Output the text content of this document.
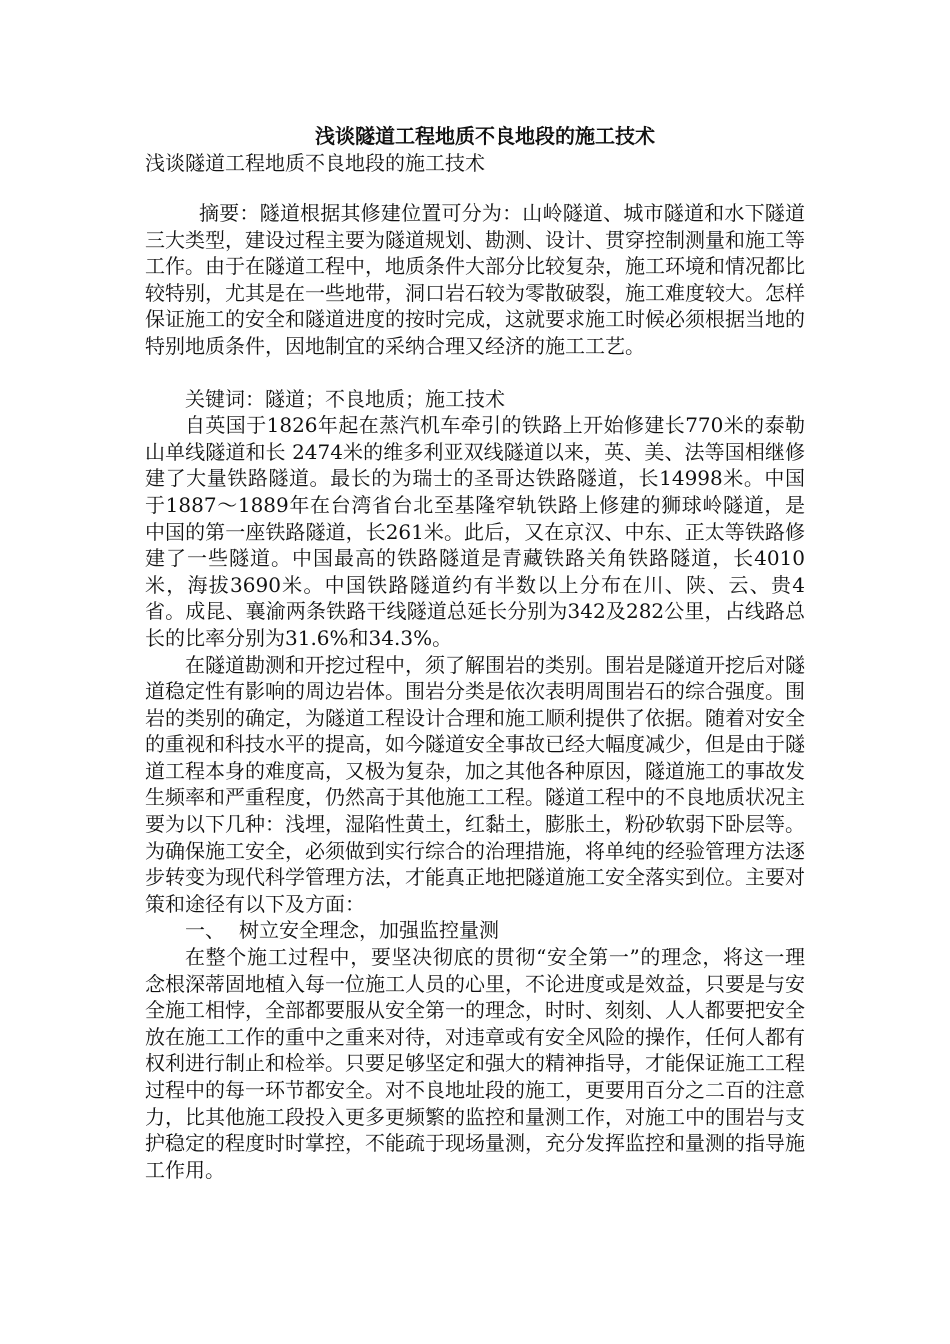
浅谈隧道工程地质不良地段的施工技术

浅谈隧道工程地质不良地段的施工技术

摘要：隧道根据其修建位置可分为：山岭隧道、城市隧道和水下隧道三大类型，建设过程主要为隧道规划、勘测、设计、贯穿控制测量和施工等工作。由于在隧道工程中，地质条件大部分比较复杂，施工环境和情况都比较特别，尤其是在一些地带，洞口岩石较为零散破裂，施工难度较大。怎样保证施工的安全和隧道进度的按时完成，这就要求施工时候必须根据当地的特别地质条件，因地制宜的采纳合理又经济的施工工艺。

关键词：隧道；不良地质；施工技术

自英国于1826年起在蒸汽机车牵引的铁路上开始修建长770米的泰勒山单线隧道和长 2474米的维多利亚双线隧道以来，英、美、法等国相继修建了大量铁路隧道。最长的为瑞士的圣哥达铁路隧道，长14998米。中国于1887～1889年在台湾省台北至基隆窄轨铁路上修建的狮球岭隧道，是中国的第一座铁路隧道，长261米。此后，又在京汉、中东、正太等铁路修建了一些隧道。中国最高的铁路隧道是青藏铁路关角铁路隧道，长4010米，海拔3690米。中国铁路隧道约有半数以上分布在川、陕、云、贵4省。成昆、襄渝两条铁路干线隧道总延长分别为342及282公里，占线路总长的比率分别为31.6%和34.3%。

在隧道勘测和开挖过程中，须了解围岩的类别。围岩是隧道开挖后对隧道稳定性有影响的周边岩体。围岩分类是依次表明周围岩石的综合强度。围岩的类别的确定，为隧道工程设计合理和施工顺利提供了依据。随着对安全的重视和科技水平的提高，如今隧道安全事故已经大幅度减少，但是由于隧道工程本身的难度高，又极为复杂，加之其他各种原因，隧道施工的事故发生频率和严重程度，仍然高于其他施工工程。隧道工程中的不良地质状况主要为以下几种：浅埋，湿陷性黄土，红黏土，膨胀土，粉砂软弱下卧层等。为确保施工安全，必须做到实行综合的治理措施，将单纯的经验管理方法逐步转变为现代科学管理方法，才能真正地把隧道施工安全落实到位。主要对策和途径有以下及方面：

一、 树立安全理念，加强监控量测

在整个施工过程中，要坚决彻底的贯彻“安全第一”的理念，将这一理念根深蒂固地植入每一位施工人员的心里，不论进度或是效益，只要是与安全施工相悖，全部都要服从安全第一的理念，时时、刻刻、人人都要把安全放在施工工作的重中之重来对待，对违章或有安全风险的操作，任何人都有权利进行制止和检举。只要足够坚定和强大的精神指导，才能保证施工工程过程中的每一环节都安全。对不良地址段的施工，更要用百分之二百的注意力，比其他施工段投入更多更频繁的监控和量测工作，对施工中的围岩与支护稳定的程度时时掌控，不能疏于现场量测，充分发挥监控和量测的指导施工作用。
